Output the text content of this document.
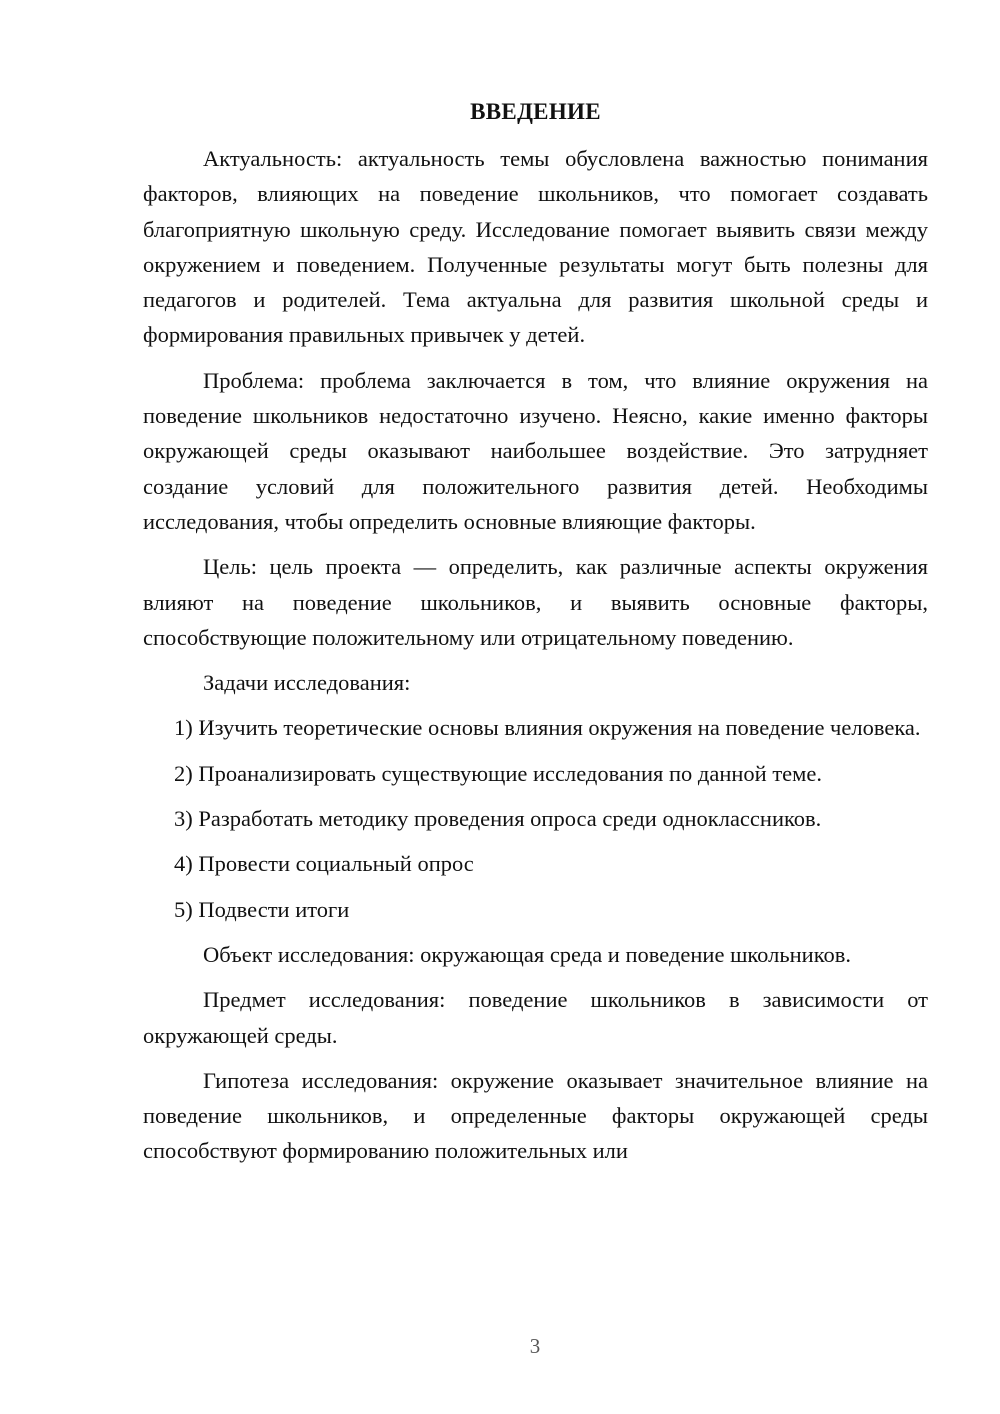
ВВЕДЕНИЕ

Актуальность: актуальность темы обусловлена важностью понимания факторов, влияющих на поведение школьников, что помогает создавать благоприятную школьную среду. Исследование помогает выявить связи между окружением и поведением. Полученные результаты могут быть полезны для педагогов и родителей. Тема актуальна для развития школьной среды и формирования правильных привычек у детей.

Проблема: проблема заключается в том, что влияние окружения на поведение школьников недостаточно изучено. Неясно, какие именно факторы окружающей среды оказывают наибольшее воздействие. Это затрудняет создание условий для положительного развития детей. Необходимы исследования, чтобы определить основные влияющие факторы.

Цель: цель проекта — определить, как различные аспекты окружения влияют на поведение школьников, и выявить основные факторы, способствующие положительному или отрицательному поведению.

Задачи исследования:

1) Изучить теоретические основы влияния окружения на поведение человека.

2) Проанализировать существующие исследования по данной теме.

3) Разработать методику проведения опроса среди одноклассников.

4) Провести социальный опрос

5) Подвести итоги

Объект исследования: окружающая среда и поведение школьников.

Предмет исследования: поведение школьников в зависимости от окружающей среды.

Гипотеза исследования: окружение оказывает значительное влияние на поведение школьников, и определенные факторы окружающей среды способствуют формированию положительных или

3
